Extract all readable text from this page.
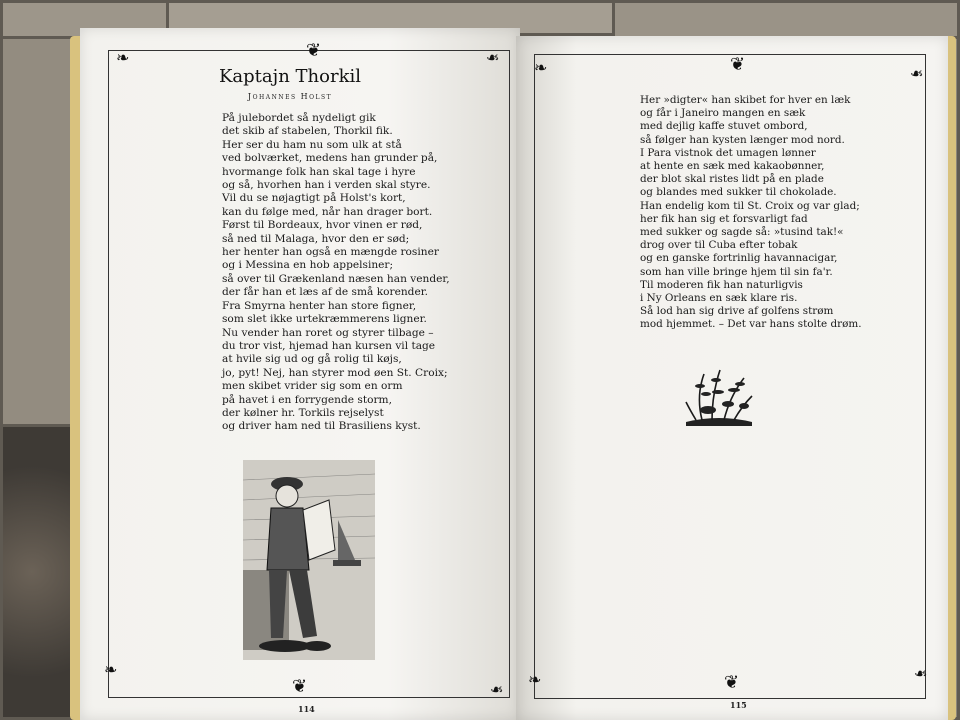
❦
❧	❧
❧
❧
❦
Kaptajn Thorkil
Johannes Holst
På julebordet så nydeligt gik
det skib af stabelen, Thorkil fik.
Her ser du ham nu som ulk at stå
ved bolværket, medens han grunder på,
hvormange folk han skal tage i hyre
og så, hvorhen han i verden skal styre.
Vil du se nøjagtigt på Holst's kort,
kan du følge med, når han drager bort.
Først til Bordeaux, hvor vinen er rød,
så ned til Malaga, hvor den er sød;
her henter han også en mængde rosiner
og i Messina en hob appelsiner;
så over til Grækenland næsen han vender,
der får han et læs af de små korender.
Fra Smyrna henter han store figner,
som slet ikke urtekræmmerens ligner.
Nu vender han roret og styrer tilbage –
du tror vist, hjemad han kursen vil tage
at hvile sig ud og gå rolig til køjs,
jo, pyt! Nej, han styrer mod øen St. Croix;
men skibet vrider sig som en orm
på havet i en forrygende storm,
der kølner hr. Torkils rejselyst
og driver ham ned til Brasiliens kyst.
114
❦
❧	❧
❧	❧
❦
Her »digter« han skibet for hver en læk
og får i Janeiro mangen en sæk
med dejlig kaffe stuvet ombord,
så følger han kysten længer mod nord.
I Para vistnok det umagen lønner
at hente en sæk med kakaobønner,
der blot skal ristes lidt på en plade
og blandes med sukker til chokolade.
Han endelig kom til St. Croix og var glad;
her fik han sig et forsvarligt fad
med sukker og sagde så: »tusind tak!«
drog over til Cuba efter tobak
og en ganske fortrinlig havannacigar,
som han ville bringe hjem til sin fa'r.
Til moderen fik han naturligvis
i Ny Orleans en sæk klare ris.
Så lod han sig drive af golfens strøm
mod hjemmet. – Det var hans stolte drøm.
115
